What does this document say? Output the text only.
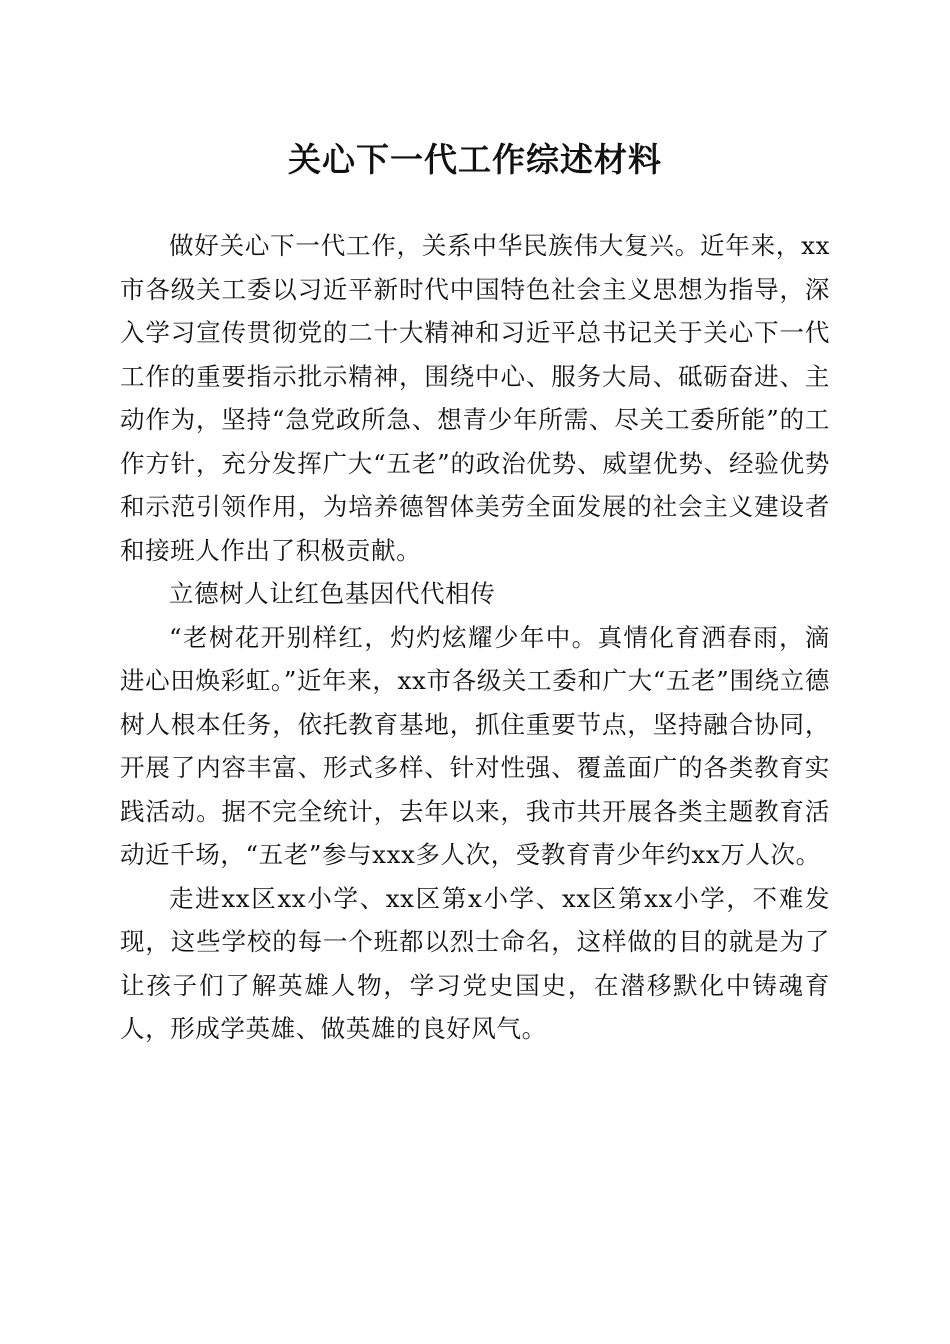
关心下一代工作综述材料

做好关心下一代工作，关系中华民族伟大复兴。近年来，xx市各级关工委以习近平新时代中国特色社会主义思想为指导，深入学习宣传贯彻党的二十大精神和习近平总书记关于关心下一代工作的重要指示批示精神，围绕中心、服务大局、砥砺奋进、主动作为，坚持“急党政所急、想青少年所需、尽关工委所能”的工作方针，充分发挥广大“五老”的政治优势、威望优势、经验优势和示范引领作用，为培养德智体美劳全面发展的社会主义建设者和接班人作出了积极贡献。

立德树人让红色基因代代相传

“老树花开别样红，灼灼炫耀少年中。真情化育洒春雨，滴进心田焕彩虹。”近年来，xx市各级关工委和广大“五老”围绕立德树人根本任务，依托教育基地，抓住重要节点，坚持融合协同，开展了内容丰富、形式多样、针对性强、覆盖面广的各类教育实践活动。据不完全统计，去年以来，我市共开展各类主题教育活动近千场，“五老”参与xxx多人次，受教育青少年约xx万人次。

走进xx区xx小学、xx区第x小学、xx区第xx小学，不难发现，这些学校的每一个班都以烈士命名，这样做的目的就是为了让孩子们了解英雄人物，学习党史国史，在潜移默化中铸魂育人，形成学英雄、做英雄的良好风气。
